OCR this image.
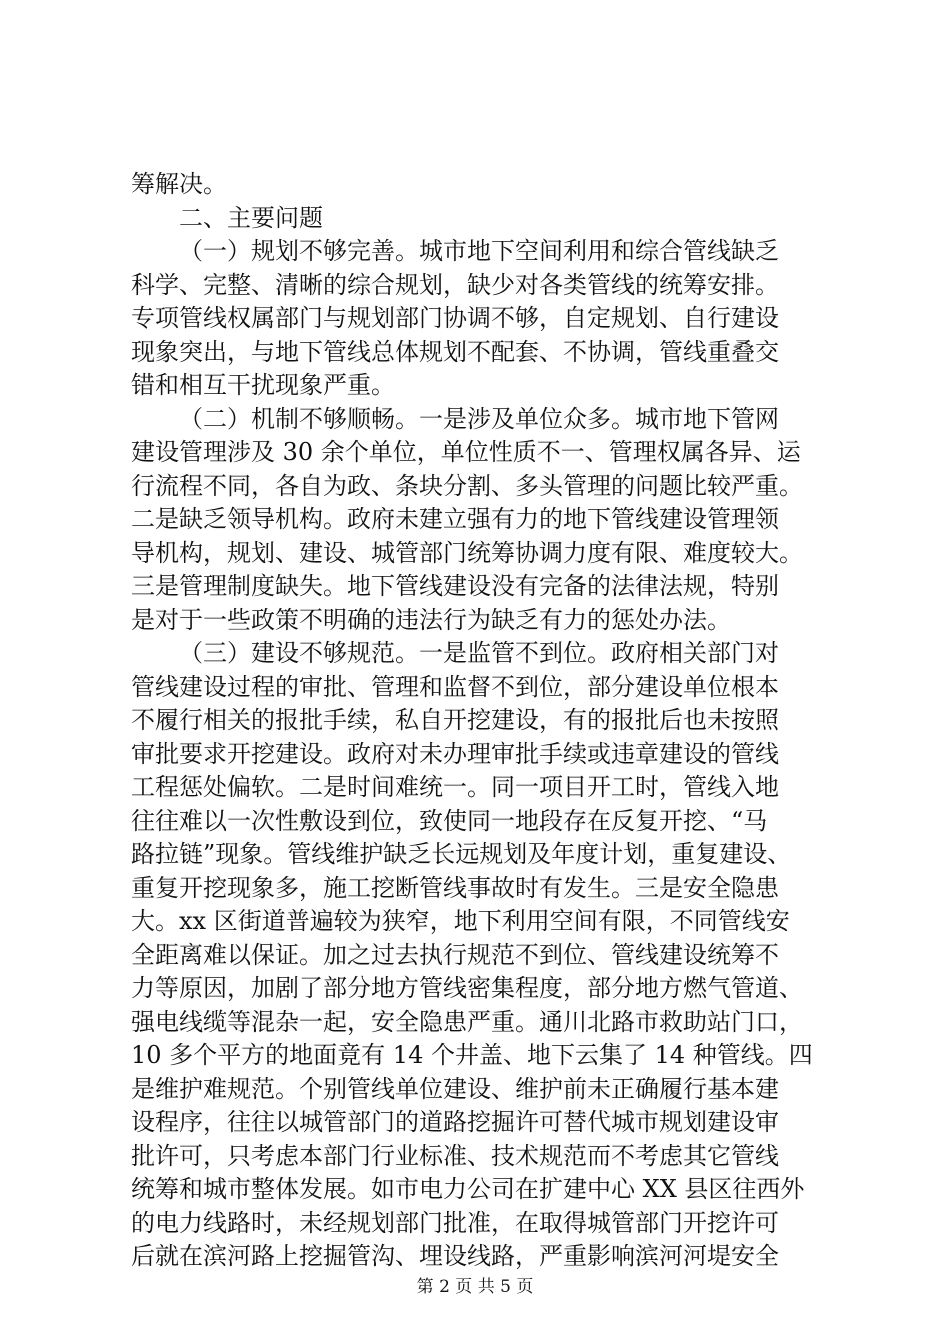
筹解决。
二、主要问题
（一）规划不够完善。城市地下空间利用和综合管线缺乏
科学、完整、清晰的综合规划，缺少对各类管线的统筹安排。
专项管线权属部门与规划部门协调不够，自定规划、自行建设
现象突出，与地下管线总体规划不配套、不协调，管线重叠交
错和相互干扰现象严重。
（二）机制不够顺畅。一是涉及单位众多。城市地下管网
建设管理涉及 30 余个单位，单位性质不一、管理权属各异、运
行流程不同，各自为政、条块分割、多头管理的问题比较严重。
二是缺乏领导机构。政府未建立强有力的地下管线建设管理领
导机构，规划、建设、城管部门统筹协调力度有限、难度较大。
三是管理制度缺失。地下管线建设没有完备的法律法规，特别
是对于一些政策不明确的违法行为缺乏有力的惩处办法。
（三）建设不够规范。一是监管不到位。政府相关部门对
管线建设过程的审批、管理和监督不到位，部分建设单位根本
不履行相关的报批手续，私自开挖建设，有的报批后也未按照
审批要求开挖建设。政府对未办理审批手续或违章建设的管线
工程惩处偏软。二是时间难统一。同一项目开工时，管线入地
往往难以一次性敷设到位，致使同一地段存在反复开挖、“马
路拉链”现象。管线维护缺乏长远规划及年度计划，重复建设、
重复开挖现象多，施工挖断管线事故时有发生。三是安全隐患
大。xx 区街道普遍较为狭窄，地下利用空间有限，不同管线安
全距离难以保证。加之过去执行规范不到位、管线建设统筹不
力等原因，加剧了部分地方管线密集程度，部分地方燃气管道、
强电线缆等混杂一起，安全隐患严重。通川北路市救助站门口，
10 多个平方的地面竟有 14 个井盖、地下云集了 14 种管线。四
是维护难规范。个别管线单位建设、维护前未正确履行基本建
设程序，往往以城管部门的道路挖掘许可替代城市规划建设审
批许可，只考虑本部门行业标准、技术规范而不考虑其它管线
统筹和城市整体发展。如市电力公司在扩建中心 XX 县区往西外
的电力线路时，未经规划部门批准，在取得城管部门开挖许可
后就在滨河路上挖掘管沟、埋设线路，严重影响滨河河堤安全
第 2 页 共 5 页
